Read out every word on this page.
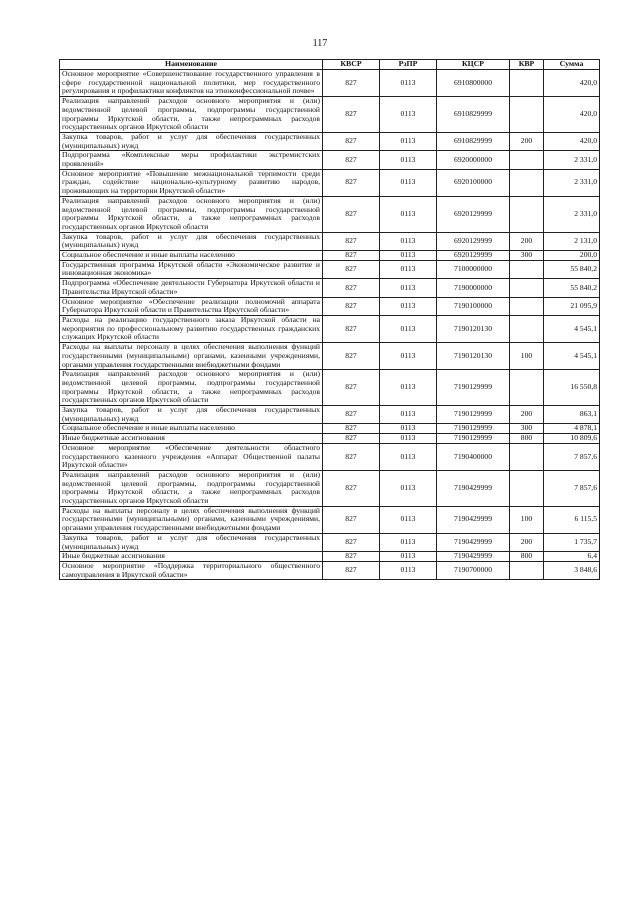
117
Наименование	КВСР	РзПР	КЦСР	КВР	Сумма
Основное мероприятие «Совершенствование государственного управления в сфере государственной национальной политики, мер государственного регулирования и профилактики конфликтов на этноконфессиональной почве»	827	0113	6910800000		420,0
Реализация направлений расходов основного мероприятия и (или) ведомственной целевой программы, подпрограммы государственной программы Иркутской области, а также непрограммных расходов государственных органов Иркутской области	827	0113	6910829999		420,0
Закупка товаров, работ и услуг для обеспечения государственных (муниципальных) нужд	827	0113	6910829999	200	420,0
Подпрограмма «Комплексные меры профилактики экстремистских проявлений»	827	0113	6920000000		2 331,0
Основное мероприятие «Повышение межнациональной терпимости среди граждан, содействие национально-культурному развитию народов, проживающих на территории Иркутской области»	827	0113	6920100000		2 331,0
Реализация направлений расходов основного мероприятия и (или) ведомственной целевой программы, подпрограммы государственной программы Иркутской области, а также непрограммных расходов государственных органов Иркутской области	827	0113	6920129999		2 331,0
Закупка товаров, работ и услуг для обеспечения государственных (муниципальных) нужд	827	0113	6920129999	200	2 131,0
Социальное обеспечение и иные выплаты населению	827	0113	6920129999	300	200,0
Государственная программа Иркутской области «Экономическое развитие и инновационная экономика»	827	0113	7100000000		55 840,2
Подпрограмма «Обеспечение деятельности Губернатора Иркутской области и Правительства Иркутской области»	827	0113	7190000000		55 840,2
Основное мероприятие «Обеспечение реализации полномочий аппарата Губернатора Иркутской области и Правительства Иркутской области»	827	0113	7190100000		21 095,9
Расходы на реализацию государственного заказа Иркутской области на мероприятия по профессиональному развитию государственных гражданских служащих Иркутской области	827	0113	7190120130		4 545,1
Расходы на выплаты персоналу в целях обеспечения выполнения функций государственными (муниципальными) органами, казенными учреждениями, органами управления государственными внебюджетными фондами	827	0113	7190120130	100	4 545,1
Реализация направлений расходов основного мероприятия и (или) ведомственной целевой программы, подпрограммы государственной программы Иркутской области, а также непрограммных расходов государственных органов Иркутской области	827	0113	7190129999		16 550,8
Закупка товаров, работ и услуг для обеспечения государственных (муниципальных) нужд	827	0113	7190129999	200	863,1
Социальное обеспечение и иные выплаты населению	827	0113	7190129999	300	4 878,1
Иные бюджетные ассигнования	827	0113	7190129999	800	10 809,6
Основное мероприятие «Обеспечение деятельности областного государственного казенного учреждения «Аппарат Общественной палаты Иркутской области»	827	0113	7190400000		7 857,6
Реализация направлений расходов основного мероприятия и (или) ведомственной целевой программы, подпрограммы государственной программы Иркутской области, а также непрограммных расходов государственных органов Иркутской области	827	0113	7190429999		7 857,6
Расходы на выплаты персоналу в целях обеспечения выполнения функций государственными (муниципальными) органами, казенными учреждениями, органами управления государственными внебюджетными фондами	827	0113	7190429999	100	6 115,5
Закупка товаров, работ и услуг для обеспечения государственных (муниципальных) нужд	827	0113	7190429999	200	1 735,7
Иные бюджетные ассигнования	827	0113	7190429999	800	6,4
Основное мероприятие «Поддержка территориального общественного самоуправления в Иркутской области»	827	0113	7190700000		3 848,6
